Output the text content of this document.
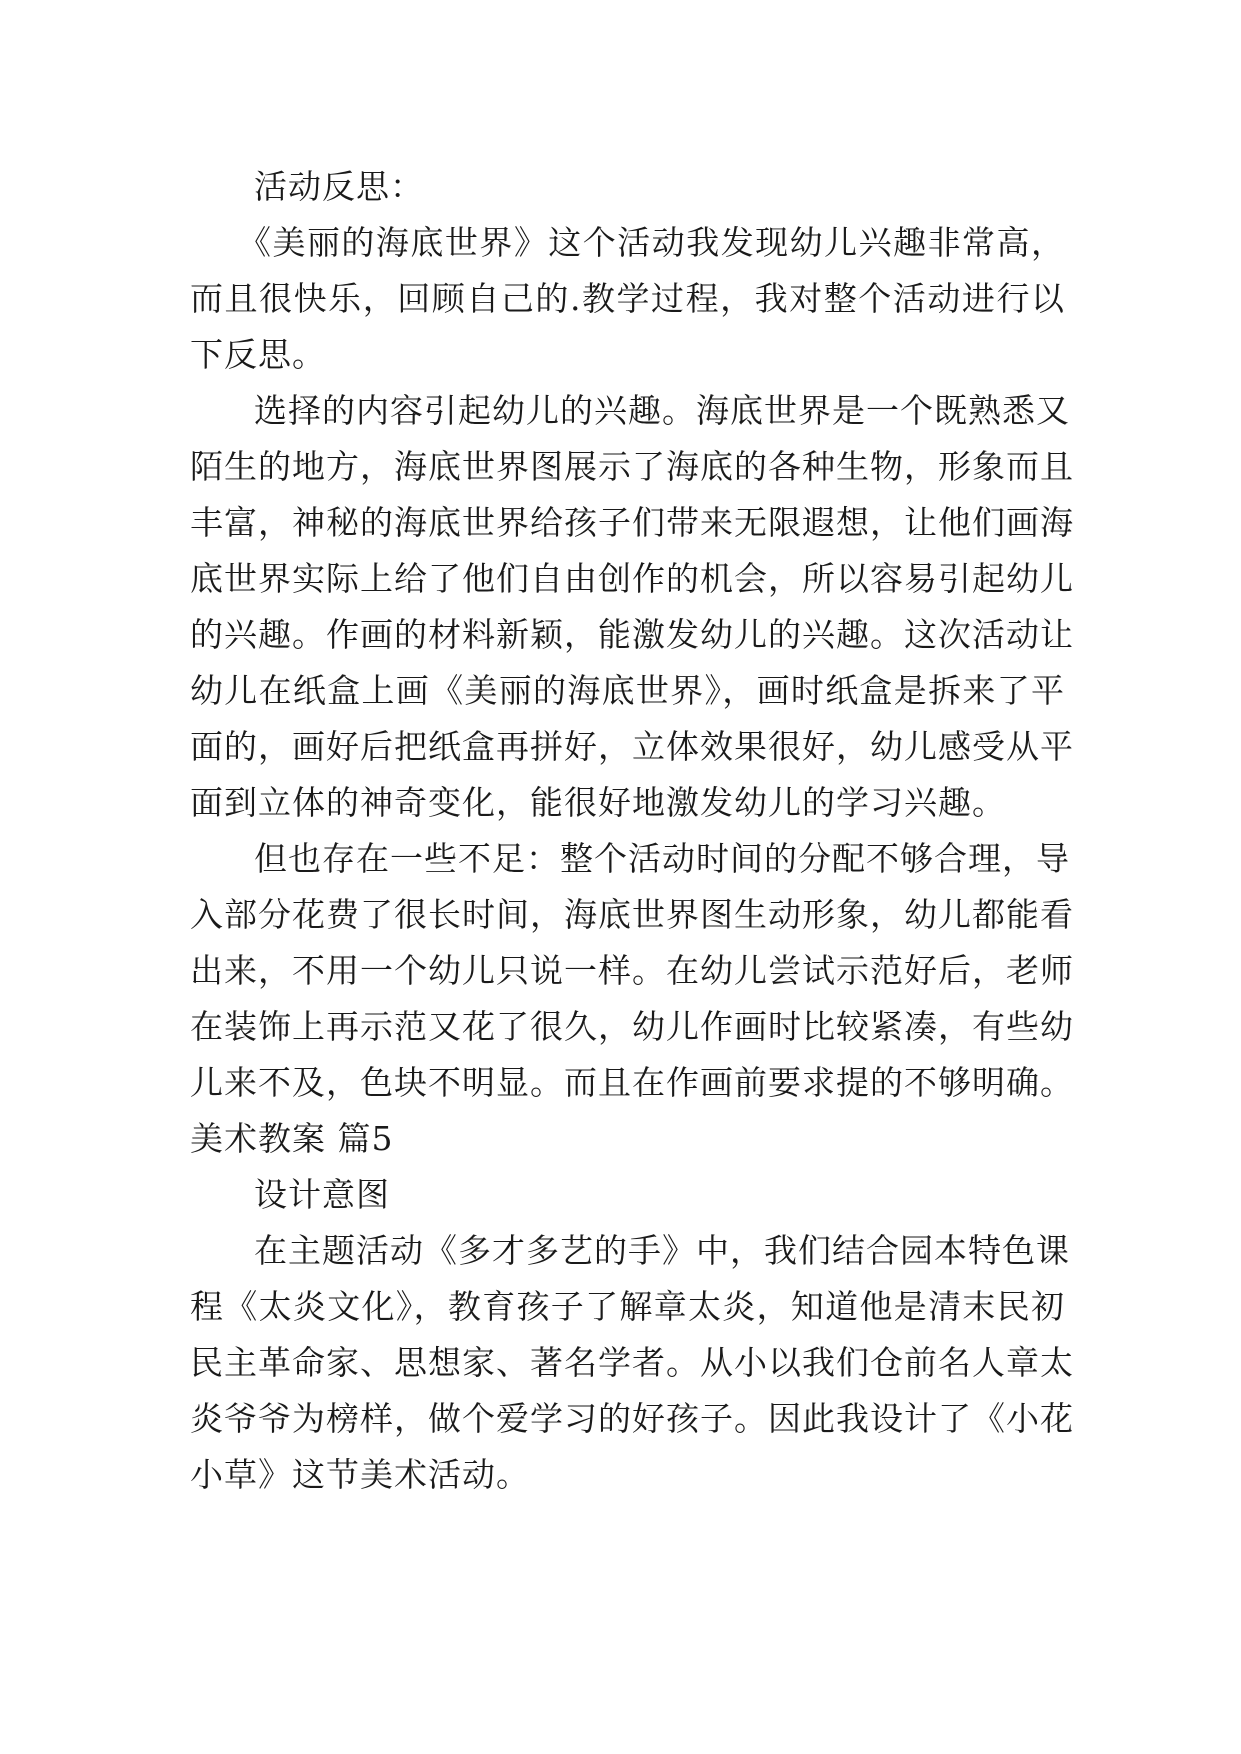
活动反思：
《美丽的海底世界》这个活动我发现幼儿兴趣非常高，
而且很快乐，回顾自己的.教学过程，我对整个活动进行以
下反思。
选择的内容引起幼儿的兴趣。海底世界是一个既熟悉又
陌生的地方，海底世界图展示了海底的各种生物，形象而且
丰富，神秘的海底世界给孩子们带来无限遐想，让他们画海
底世界实际上给了他们自由创作的机会，所以容易引起幼儿
的兴趣。作画的材料新颖，能激发幼儿的兴趣。这次活动让
幼儿在纸盒上画《美丽的海底世界》，画时纸盒是拆来了平
面的，画好后把纸盒再拼好，立体效果很好，幼儿感受从平
面到立体的神奇变化，能很好地激发幼儿的学习兴趣。
但也存在一些不足：整个活动时间的分配不够合理，导
入部分花费了很长时间，海底世界图生动形象，幼儿都能看
出来，不用一个幼儿只说一样。在幼儿尝试示范好后，老师
在装饰上再示范又花了很久，幼儿作画时比较紧凑，有些幼
儿来不及，色块不明显。而且在作画前要求提的不够明确。
美术教案 篇5
设计意图
在主题活动《多才多艺的手》中，我们结合园本特色课
程《太炎文化》，教育孩子了解章太炎，知道他是清末民初
民主革命家、思想家、著名学者。从小以我们仓前名人章太
炎爷爷为榜样，做个爱学习的好孩子。因此我设计了《小花
小草》这节美术活动。
